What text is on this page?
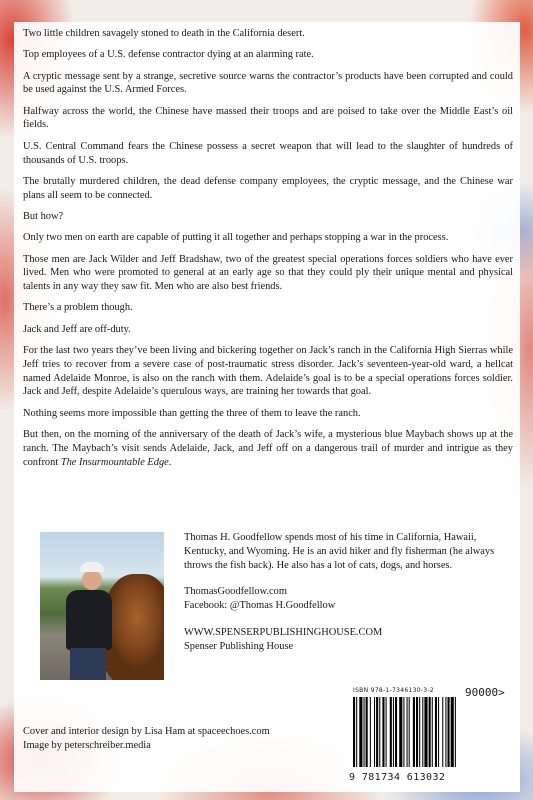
Two little children savagely stoned to death in the California desert.

Top employees of a U.S. defense contractor dying at an alarming rate.

A cryptic message sent by a strange, secretive source warns the contractor’s products have been corrupted and could be used against the U.S. Armed Forces.

Halfway across the world, the Chinese have massed their troops and are poised to take over the Middle East’s oil fields.

U.S. Central Command fears the Chinese possess a secret weapon that will lead to the slaughter of hundreds of thousands of U.S. troops.

The brutally murdered children, the dead defense company employees, the cryptic message, and the Chinese war plans all seem to be connected.

But how?

Only two men on earth are capable of putting it all together and perhaps stopping a war in the process.

Those men are Jack Wilder and Jeff Bradshaw, two of the greatest special operations forces soldiers who have ever lived. Men who were promoted to general at an early age so that they could ply their unique mental and physical talents in any way they saw fit. Men who are also best friends.

There’s a problem though.

Jack and Jeff are off-duty.

For the last two years they’ve been living and bickering together on Jack’s ranch in the California High Sierras while Jeff tries to recover from a severe case of post-traumatic stress disorder. Jack’s seventeen-year-old ward, a hellcat named Adelaide Monroe, is also on the ranch with them. Adelaide’s goal is to be a special operations forces soldier. Jack and Jeff, despite Adelaide’s querulous ways, are training her towards that goal.

Nothing seems more impossible than getting the three of them to leave the ranch.

But then, on the morning of the anniversary of the death of Jack’s wife, a mysterious blue Maybach shows up at the ranch. The Maybach’s visit sends Adelaide, Jack, and Jeff off on a dangerous trail of murder and intrigue as they confront The Insurmountable Edge.

Thomas H. Goodfellow spends most of his time in California, Hawaii, Kentucky, and Wyoming. He is an avid hiker and fly fisherman (he always throws the fish back). He also has a lot of cats, dogs, and horses.

ThomasGoodfellow.com

Facebook: @Thomas H.Goodfellow

WWW.SPENSERPUBLISHINGHOUSE.COM

Spenser Publishing House

ISBN 978-1-7346130-3-2	90000>
9 781734 613032

Cover and interior design by Lisa Ham at spaceechoes.com

Image by peterschreiber.media
